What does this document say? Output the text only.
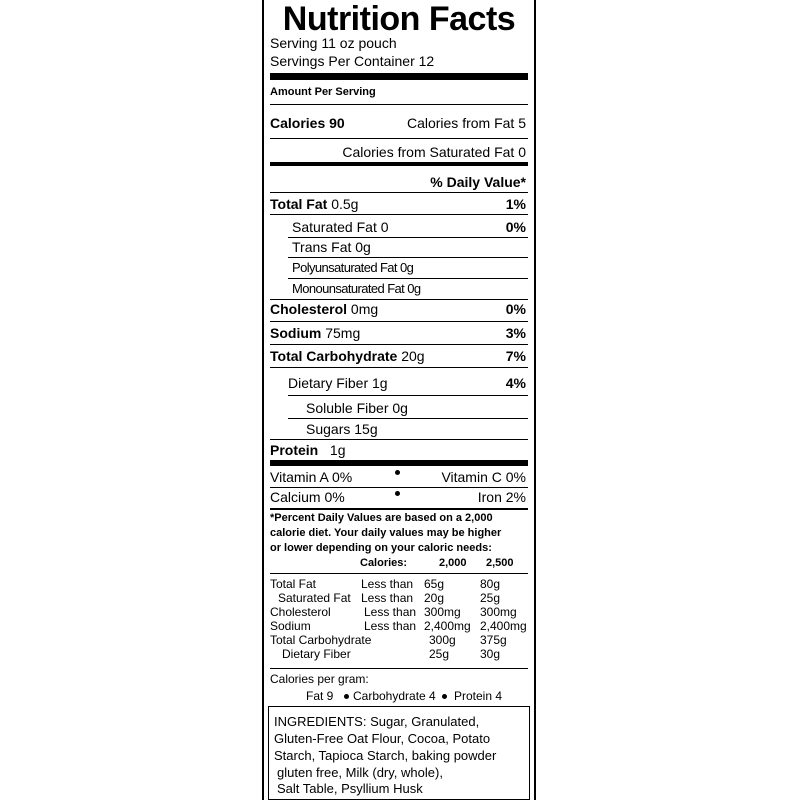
Nutrition Facts
Serving 11 oz pouch
Servings Per Container 12
Amount Per Serving
Calories 90	Calories from Fat 5
Calories from Saturated Fat 0
% Daily Value*
Total Fat 0.5g	1%
Saturated Fat 0	0%
Trans Fat 0g
Polyunsaturated Fat 0g
Monounsaturated Fat 0g
Cholesterol 0mg	0%
Sodium 75mg	3%
Total Carbohydrate 20g	7%
Dietary Fiber 1g	4%
Soluble Fiber 0g
Sugars 15g
Protein 1g
Vitamin A 0%	Vitamin C 0%
Calcium 0%	Iron 2%
*Percent Daily Values are based on a 2,000
calorie diet. Your daily values may be higher
or lower depending on your caloric needs:
Calories:	2,000 2,500
Total Fat	Less than 65g	80g
Saturated Fat Less than 20g	25g
Cholesterol	Less than 300mg 300mg
Sodium	Less than 2,400mg 2,400mg
Total Carbohydrate	300g 375g
Dietary Fiber	25g	30g
Calories per gram:
Fat 9 Carbohydrate 4 Protein 4
INGREDIENTS: Sugar, Granulated,
Gluten-Free Oat Flour, Cocoa, Potato
Starch, Tapioca Starch, baking powder
gluten free, Milk (dry, whole),
Salt Table, Psyllium Husk
